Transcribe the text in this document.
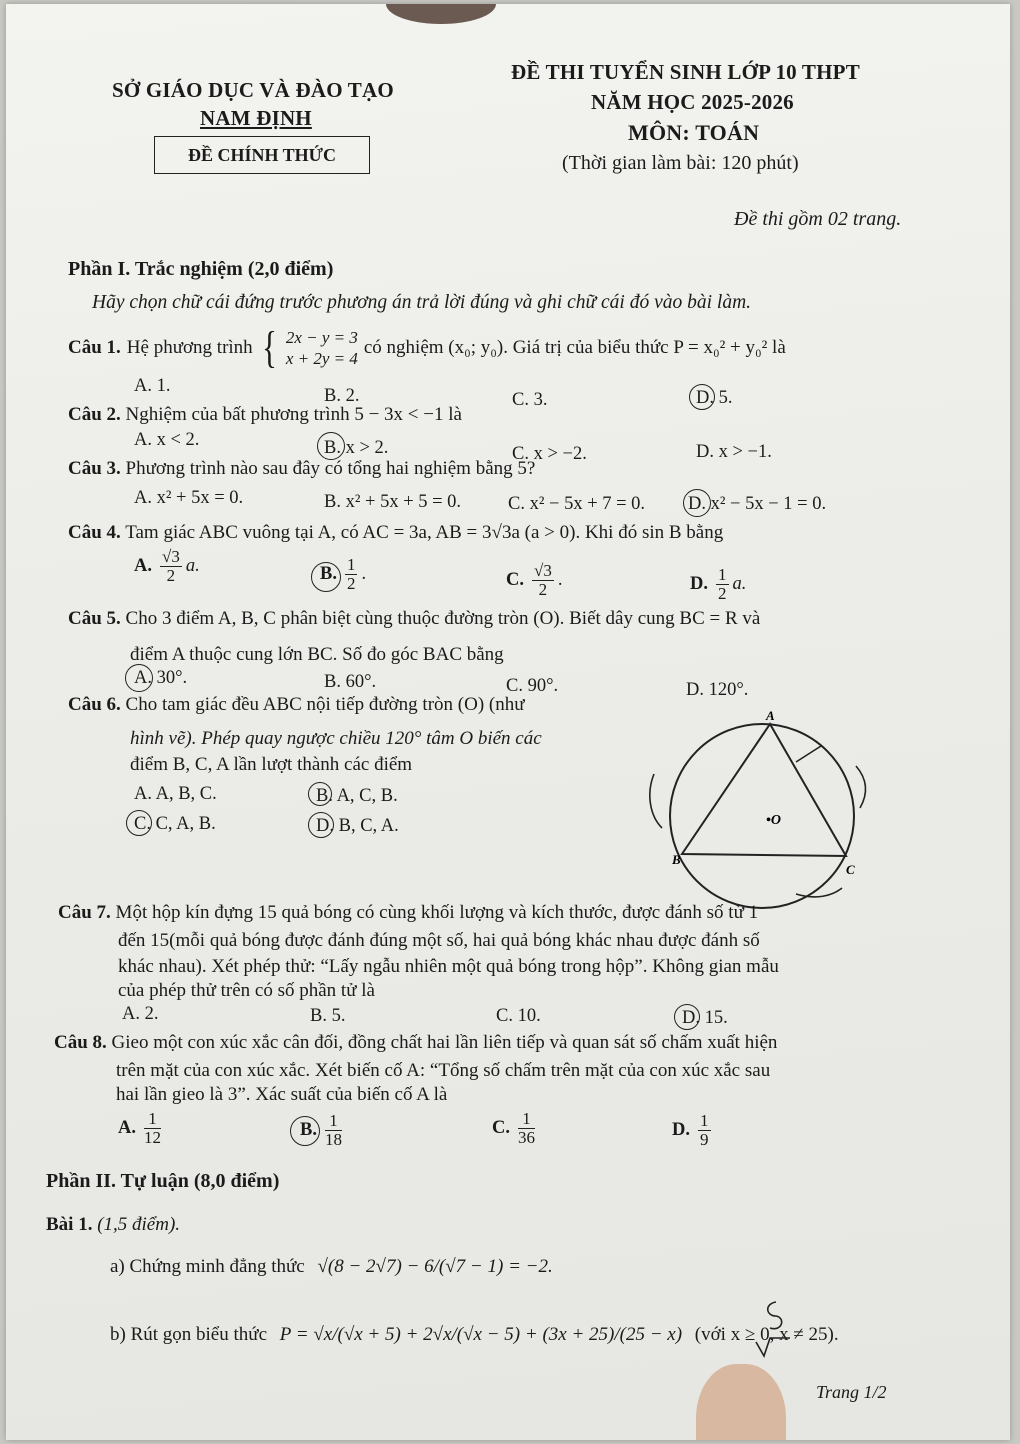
SỞ GIÁO DỤC VÀ ĐÀO TẠO
NAM ĐỊNH
ĐỀ CHÍNH THỨC
ĐỀ THI TUYỂN SINH LỚP 10 THPT
NĂM HỌC 2025-2026
MÔN: TOÁN
(Thời gian làm bài: 120 phút)
Đề thi gồm 02 trang.
Phần I. Trắc nghiệm (2,0 điểm)
Hãy chọn chữ cái đứng trước phương án trả lời đúng và ghi chữ cái đó vào bài làm.
Câu 1. Hệ phương trình { 2x − y = 3
x + 2y = 4
có nghiệm (x₀; y₀). Giá trị của biểu thức P = x₀² + y₀² là
A. 1.	B. 2.	C. 3.	D. 5.
Câu 2. Nghiệm của bất phương trình 5 − 3x < −1 là
A. x < 2.	B. x > 2.	C. x > −2.	D. x > −1.
Câu 3. Phương trình nào sau đây có tổng hai nghiệm bằng 5?
A. x² + 5x = 0.	B. x² + 5x + 5 = 0.	C. x² − 5x + 7 = 0. D. x² − 5x − 1 = 0.
Câu 4. Tam giác ABC vuông tại A, có AC = 3a, AB = 3√3a (a > 0). Khi đó sin B bằng
A. $\frac{√3}{2} a$.	B. $\frac{1}{2}$ .	C. $\frac{√3}{2}$ .	D. $\frac{1}{2} a$.
Câu 5. Cho 3 điểm A, B, C phân biệt cùng thuộc đường tròn (O). Biết dây cung BC = R và
điểm A thuộc cung lớn BC. Số đo góc BAC bằng
A. 30°.	B. 60°.	C. 90°.	D. 120°.
Câu 6. Cho tam giác đều ABC nội tiếp đường tròn (O) (như
hình vẽ). Phép quay ngược chiều 120° tâm O biến các
điểm B, C, A lần lượt thành các điểm
A. A, B, C.	B. A, C, B.
C. C, A, B.	D. B, C, A.
A
B
C
•O
Câu 7. Một hộp kín đựng 15 quả bóng có cùng khối lượng và kích thước, được đánh số từ 1
đến 15(mỗi quả bóng được đánh đúng một số, hai quả bóng khác nhau được đánh số
khác nhau). Xét phép thử: “Lấy ngẫu nhiên một quả bóng trong hộp”. Không gian mẫu
của phép thử trên có số phần tử là
A. 2.	B. 5.	C. 10.	D. 15.
Câu 8. Gieo một con xúc xắc cân đối, đồng chất hai lần liên tiếp và quan sát số chấm xuất hiện
trên mặt của con xúc xắc. Xét biến cố A: “Tổng số chấm trên mặt của con xúc xắc sau
hai lần gieo là 3”. Xác suất của biến cố A là
A. $\frac{1}{12}$	B. $\frac{1}{18}$	C. $\frac{1}{36}$	D. $\frac{1}{9}$
Phần II. Tự luận (8,0 điểm)
Bài 1. (1,5 điểm).
a) Chứng minh đẳng thức √(8 − 2√7) − 6/(√7 − 1) = −2.
b) Rút gọn biểu thức P = √x/(√x + 5) + 2√x/(√x − 5) + (3x + 25)/(25 − x) (với x ≥ 0, x ≠ 25).
Trang 1/2
